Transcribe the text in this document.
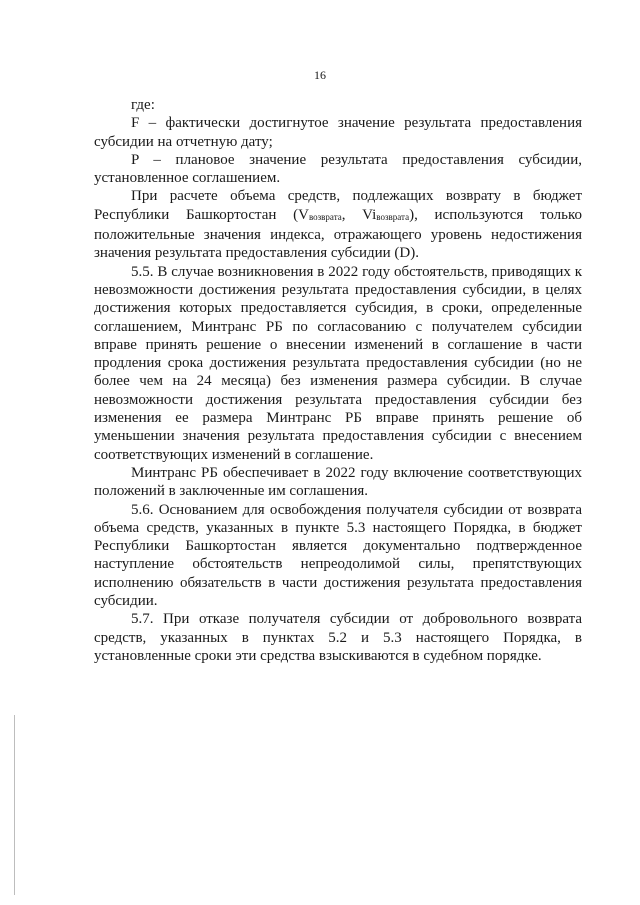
16

где:

F – фактически достигнутое значение результата предоставления субсидии на отчетную дату;

P – плановое значение результата предоставления субсидии, установленное соглашением.

При расчете объема средств, подлежащих возврату в бюджет Республики Башкортостан ($V_{возврата}$, $Vi_{возврата}$), используются только положительные значения индекса, отражающего уровень недостижения значения результата предоставления субсидии (D).

5.5. В случае возникновения в 2022 году обстоятельств, приводящих к невозможности достижения результата предоставления субсидии, в целях достижения которых предоставляется субсидия, в сроки, определенные соглашением, Минтранс РБ по согласованию с получателем субсидии вправе принять решение о внесении изменений в соглашение в части продления срока достижения результата предоставления субсидии (но не более чем на 24 месяца) без изменения размера субсидии. В случае невозможности достижения результата предоставления субсидии без изменения ее размера Минтранс РБ вправе принять решение об уменьшении значения результата предоставления субсидии с внесением соответствующих изменений в соглашение.

Минтранс РБ обеспечивает в 2022 году включение соответствующих положений в заключенные им соглашения.

5.6. Основанием для освобождения получателя субсидии от возврата объема средств, указанных в пункте 5.3 настоящего Порядка, в бюджет Республики Башкортостан является документально подтвержденное наступление обстоятельств непреодолимой силы, препятствующих исполнению обязательств в части достижения результата предоставления субсидии.

5.7. При отказе получателя субсидии от добровольного возврата средств, указанных в пунктах 5.2 и 5.3 настоящего Порядка, в установленные сроки эти средства взыскиваются в судебном порядке.
